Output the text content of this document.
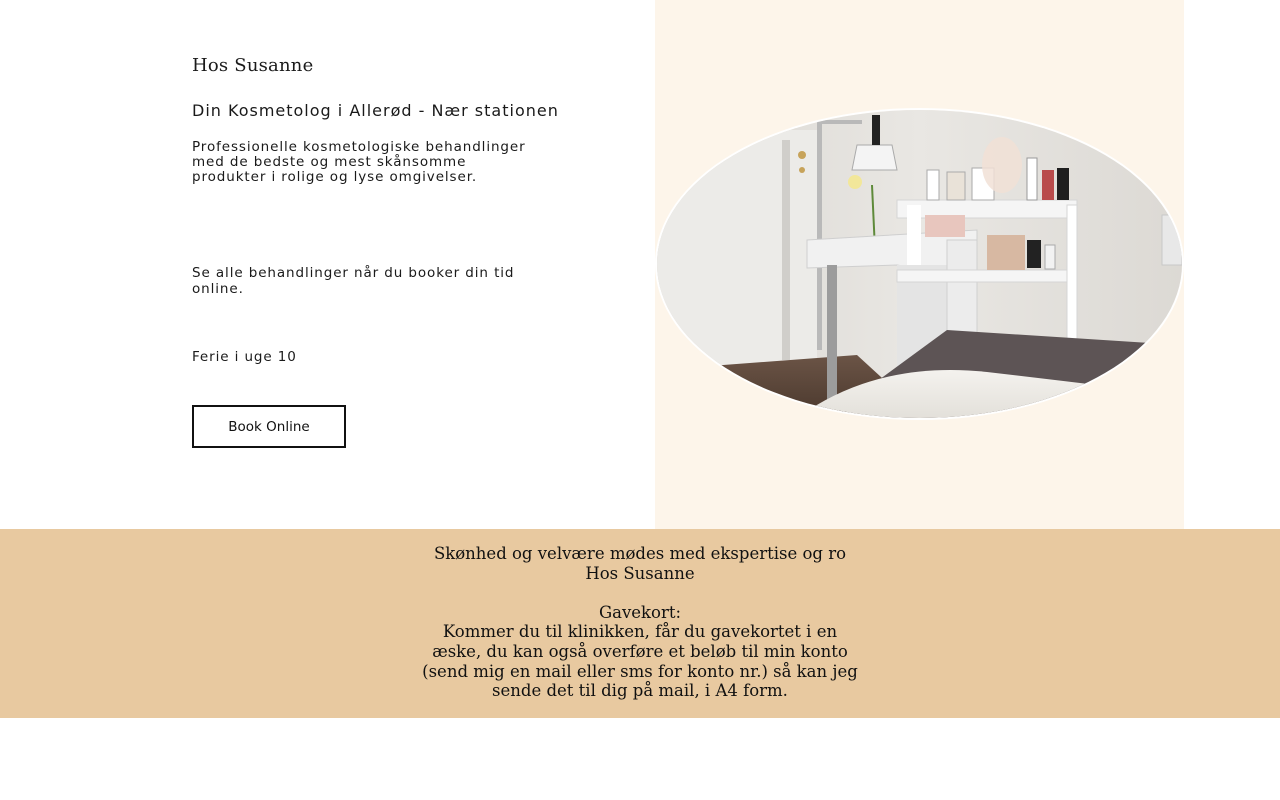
Hos Susanne
Din Kosmetolog i Allerød - Nær stationen

Professionelle kosmetologiske behandlinger med de bedste og mest skånsomme produkter i rolige og lyse omgivelser.

Se alle behandlinger når du booker din tid online.

Ferie i uge 10
Book Online
Skønhed og velvære mødes med ekspertise og ro
Hos Susanne
Gavekort:
Kommer du til klinikken, får du gavekortet i en æske, du kan også overføre et beløb til min konto (send mig en mail eller sms for konto nr.) så kan jeg sende det til dig på mail, i A4 form.
